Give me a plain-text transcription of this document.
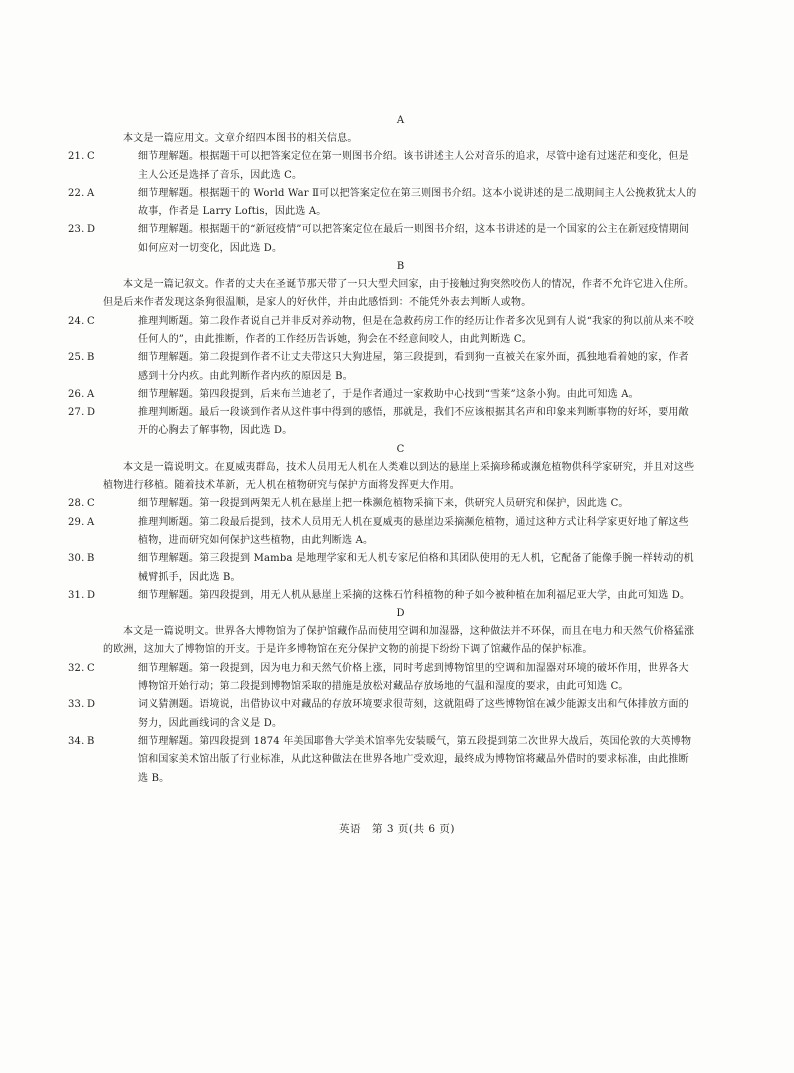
A

本文是一篇应用文。文章介绍四本图书的相关信息。

21. C	细节理解题。根据题干可以把答案定位在第一则图书介绍。该书讲述主人公对音乐的追求，尽管中途有过迷茫和变化，但是主人公还是选择了音乐，因此选 C。

22. A	细节理解题。根据题干的 World War Ⅱ可以把答案定位在第三则图书介绍。这本小说讲述的是二战期间主人公挽救犹太人的故事，作者是 Larry Loftis，因此选 A。

23. D	细节理解题。根据题干的“新冠疫情”可以把答案定位在最后一则图书介绍，这本书讲述的是一个国家的公主在新冠疫情期间如何应对一切变化，因此选 D。

B

本文是一篇记叙文。作者的丈夫在圣诞节那天带了一只大型犬回家，由于接触过狗突然咬伤人的情况，作者不允许它进入住所。但是后来作者发现这条狗很温顺，是家人的好伙伴，并由此感悟到：不能凭外表去判断人或物。

24. C	推理判断题。第二段作者说自己并非反对养动物，但是在急救药房工作的经历让作者多次见到有人说“我家的狗以前从来不咬任何人的”，由此推断，作者的工作经历告诉她，狗会在不经意间咬人，由此判断选 C。

25. B	细节理解题。第二段提到作者不让丈夫带这只大狗进屋，第三段提到，看到狗一直被关在家外面，孤独地看着她的家，作者感到十分内疚。由此判断作者内疚的原因是 B。

26. A	细节理解题。第四段提到，后来布兰迪老了，于是作者通过一家救助中心找到“雪莱”这条小狗。由此可知选 A。

27. D	推理判断题。最后一段谈到作者从这件事中得到的感悟，那就是，我们不应该根据其名声和印象来判断事物的好坏，要用敞开的心胸去了解事物，因此选 D。

C

本文是一篇说明文。在夏威夷群岛，技术人员用无人机在人类难以到达的悬崖上采摘珍稀或濒危植物供科学家研究，并且对这些植物进行移植。随着技术革新，无人机在植物研究与保护方面将发挥更大作用。

28. C	细节理解题。第一段提到两架无人机在悬崖上把一株濒危植物采摘下来，供研究人员研究和保护，因此选 C。

29. A	推理判断题。第二段最后提到，技术人员用无人机在夏威夷的悬崖边采摘濒危植物，通过这种方式让科学家更好地了解这些植物，进而研究如何保护这些植物，由此判断选 A。

30. B	细节理解题。第三段提到 Mamba 是地理学家和无人机专家尼伯格和其团队使用的无人机，它配备了能像手腕一样转动的机械臂抓手，因此选 B。

31. D	细节理解题。第四段提到，用无人机从悬崖上采摘的这株石竹科植物的种子如今被种植在加利福尼亚大学，由此可知选 D。

D

本文是一篇说明文。世界各大博物馆为了保护馆藏作品而使用空调和加湿器，这种做法并不环保，而且在电力和天然气价格猛涨的欧洲，这加大了博物馆的开支。于是许多博物馆在充分保护文物的前提下纷纷下调了馆藏作品的保护标准。

32. C	细节理解题。第一段提到，因为电力和天然气价格上涨，同时考虑到博物馆里的空调和加湿器对环境的破坏作用，世界各大博物馆开始行动；第二段提到博物馆采取的措施是放松对藏品存放场地的气温和湿度的要求，由此可知选 C。

33. D	词义猜测题。语境说，出借协议中对藏品的存放环境要求很苛刻，这就阻碍了这些博物馆在减少能源支出和气体排放方面的努力，因此画线词的含义是 D。

34. B	细节理解题。第四段提到 1874 年美国耶鲁大学美术馆率先安装暖气，第五段提到第二次世界大战后，英国伦敦的大英博物馆和国家美术馆出版了行业标准，从此这种做法在世界各地广受欢迎，最终成为博物馆将藏品外借时的要求标准，由此推断选 B。

英语　第 3 页(共 6 页)
